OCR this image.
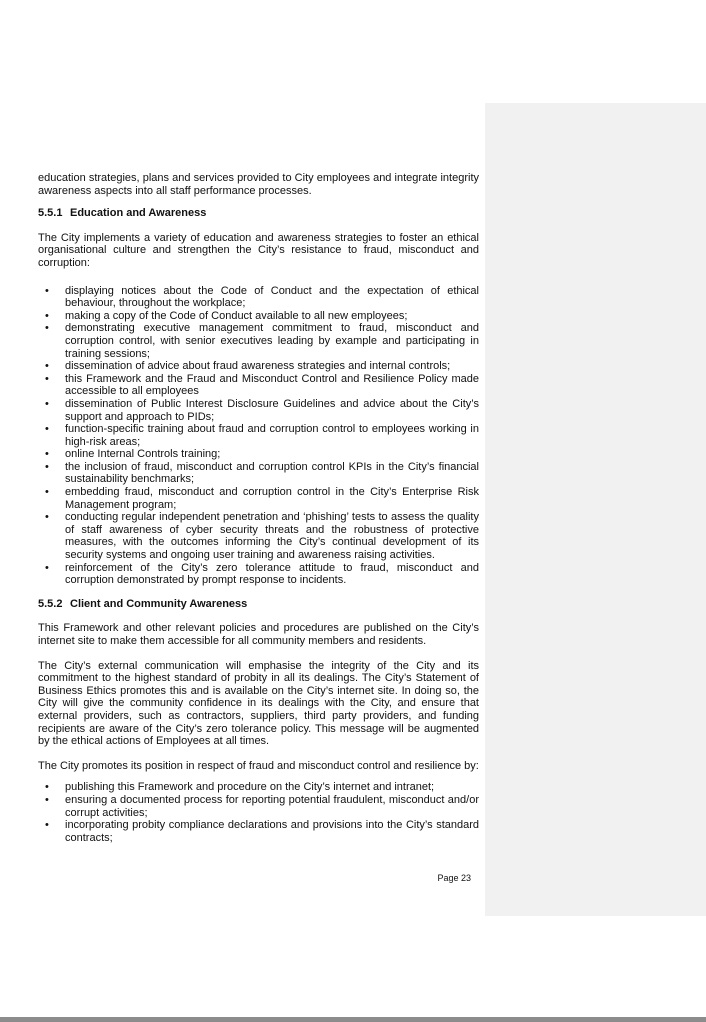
education strategies, plans and services provided to City employees and integrate integrity awareness aspects into all staff performance processes.

5.5.1 Education and Awareness

The City implements a variety of education and awareness strategies to foster an ethical organisational culture and strengthen the City’s resistance to fraud, misconduct and corruption:

•	displaying notices about the Code of Conduct and the expectation of ethical behaviour, throughout the workplace;
•	making a copy of the Code of Conduct available to all new employees;
•	demonstrating executive management commitment to fraud, misconduct and corruption control, with senior executives leading by example and participating in training sessions;
•	dissemination of advice about fraud awareness strategies and internal controls;
•	this Framework and the Fraud and Misconduct Control and Resilience Policy made accessible to all employees
•	dissemination of Public Interest Disclosure Guidelines and advice about the City’s support and approach to PIDs;
•	function-specific training about fraud and corruption control to employees working in high-risk areas;
•	online Internal Controls training;
•	the inclusion of fraud, misconduct and corruption control KPIs in the City’s financial sustainability benchmarks;
•	embedding fraud, misconduct and corruption control in the City’s Enterprise Risk Management program;
•	conducting regular independent penetration and ‘phishing’ tests to assess the quality of staff awareness of cyber security threats and the robustness of protective measures, with the outcomes informing the City’s continual development of its security systems and ongoing user training and awareness raising activities.
•	reinforcement of the City’s zero tolerance attitude to fraud, misconduct and corruption demonstrated by prompt response to incidents.
5.5.2 Client and Community Awareness

This Framework and other relevant policies and procedures are published on the City’s internet site to make them accessible for all community members and residents.

The City’s external communication will emphasise the integrity of the City and its commitment to the highest standard of probity in all its dealings. The City’s Statement of Business Ethics promotes this and is available on the City’s internet site. In doing so, the City will give the community confidence in its dealings with the City, and ensure that external providers, such as contractors, suppliers, third party providers, and funding recipients are aware of the City’s zero tolerance policy. This message will be augmented by the ethical actions of Employees at all times.

The City promotes its position in respect of fraud and misconduct control and resilience by:

•	publishing this Framework and procedure on the City’s internet and intranet;
•	ensuring a documented process for reporting potential fraudulent, misconduct and/or corrupt activities;
•	incorporating probity compliance declarations and provisions into the City’s standard contracts;
Page 23
